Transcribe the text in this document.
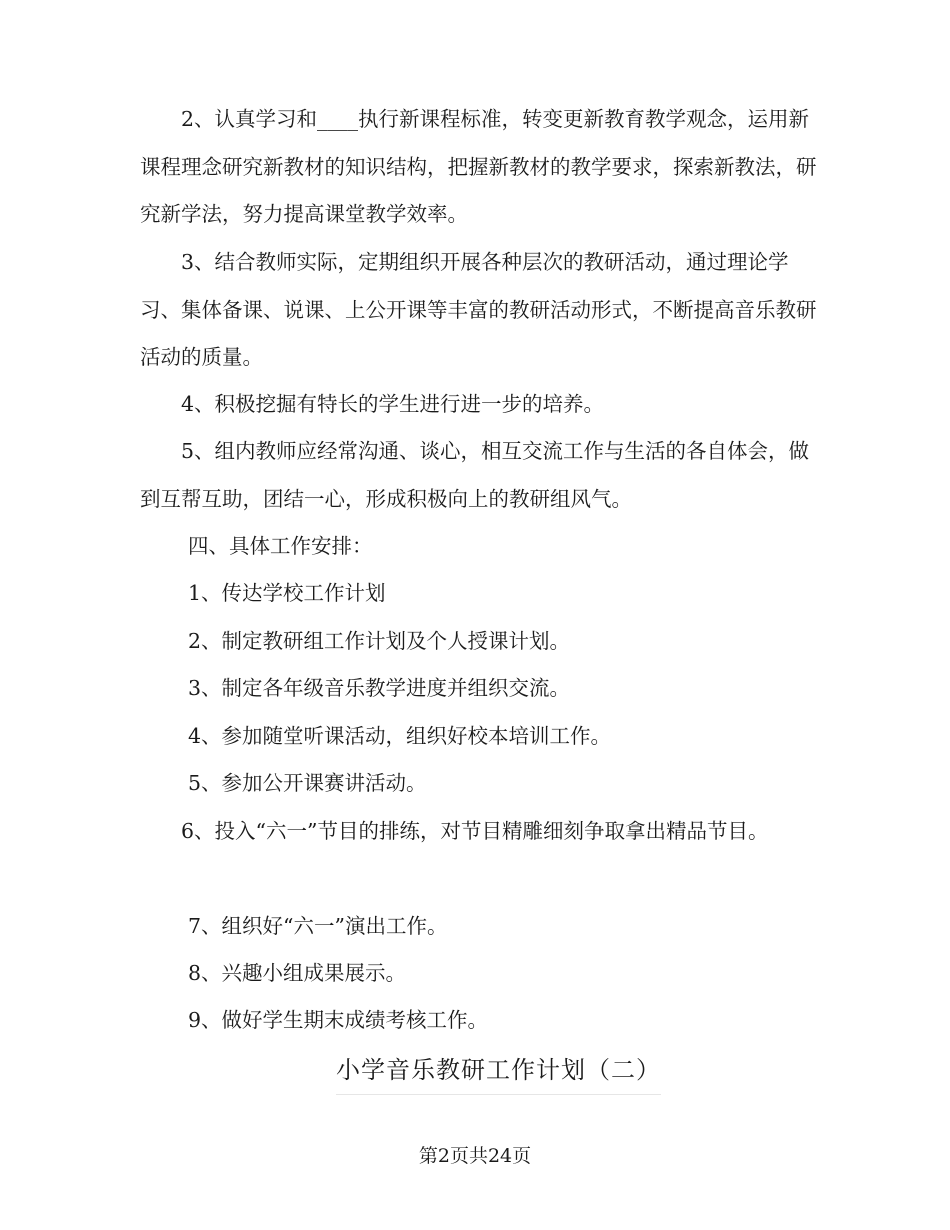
2、认真学习和____执行新课程标准，转变更新教育教学观念，运用新课程理念研究新教材的知识结构，把握新教材的教学要求，探索新教法，研究新学法，努力提高课堂教学效率。

3、结合教师实际，定期组织开展各种层次的教研活动，通过理论学习、集体备课、说课、上公开课等丰富的教研活动形式，不断提高音乐教研活动的质量。

4、积极挖掘有特长的学生进行进一步的培养。

5、组内教师应经常沟通、谈心，相互交流工作与生活的各自体会，做到互帮互助，团结一心，形成积极向上的教研组风气。

四、具体工作安排：

1、传达学校工作计划

2、制定教研组工作计划及个人授课计划。

3、制定各年级音乐教学进度并组织交流。

4、参加随堂听课活动，组织好校本培训工作。

5、参加公开课赛讲活动。

6、投入“六一”节目的排练，对节目精雕细刻争取拿出精品节目。

7、组织好“六一”演出工作。

8、兴趣小组成果展示。

9、做好学生期末成绩考核工作。

小学音乐教研工作计划（二）
第2页共24页
